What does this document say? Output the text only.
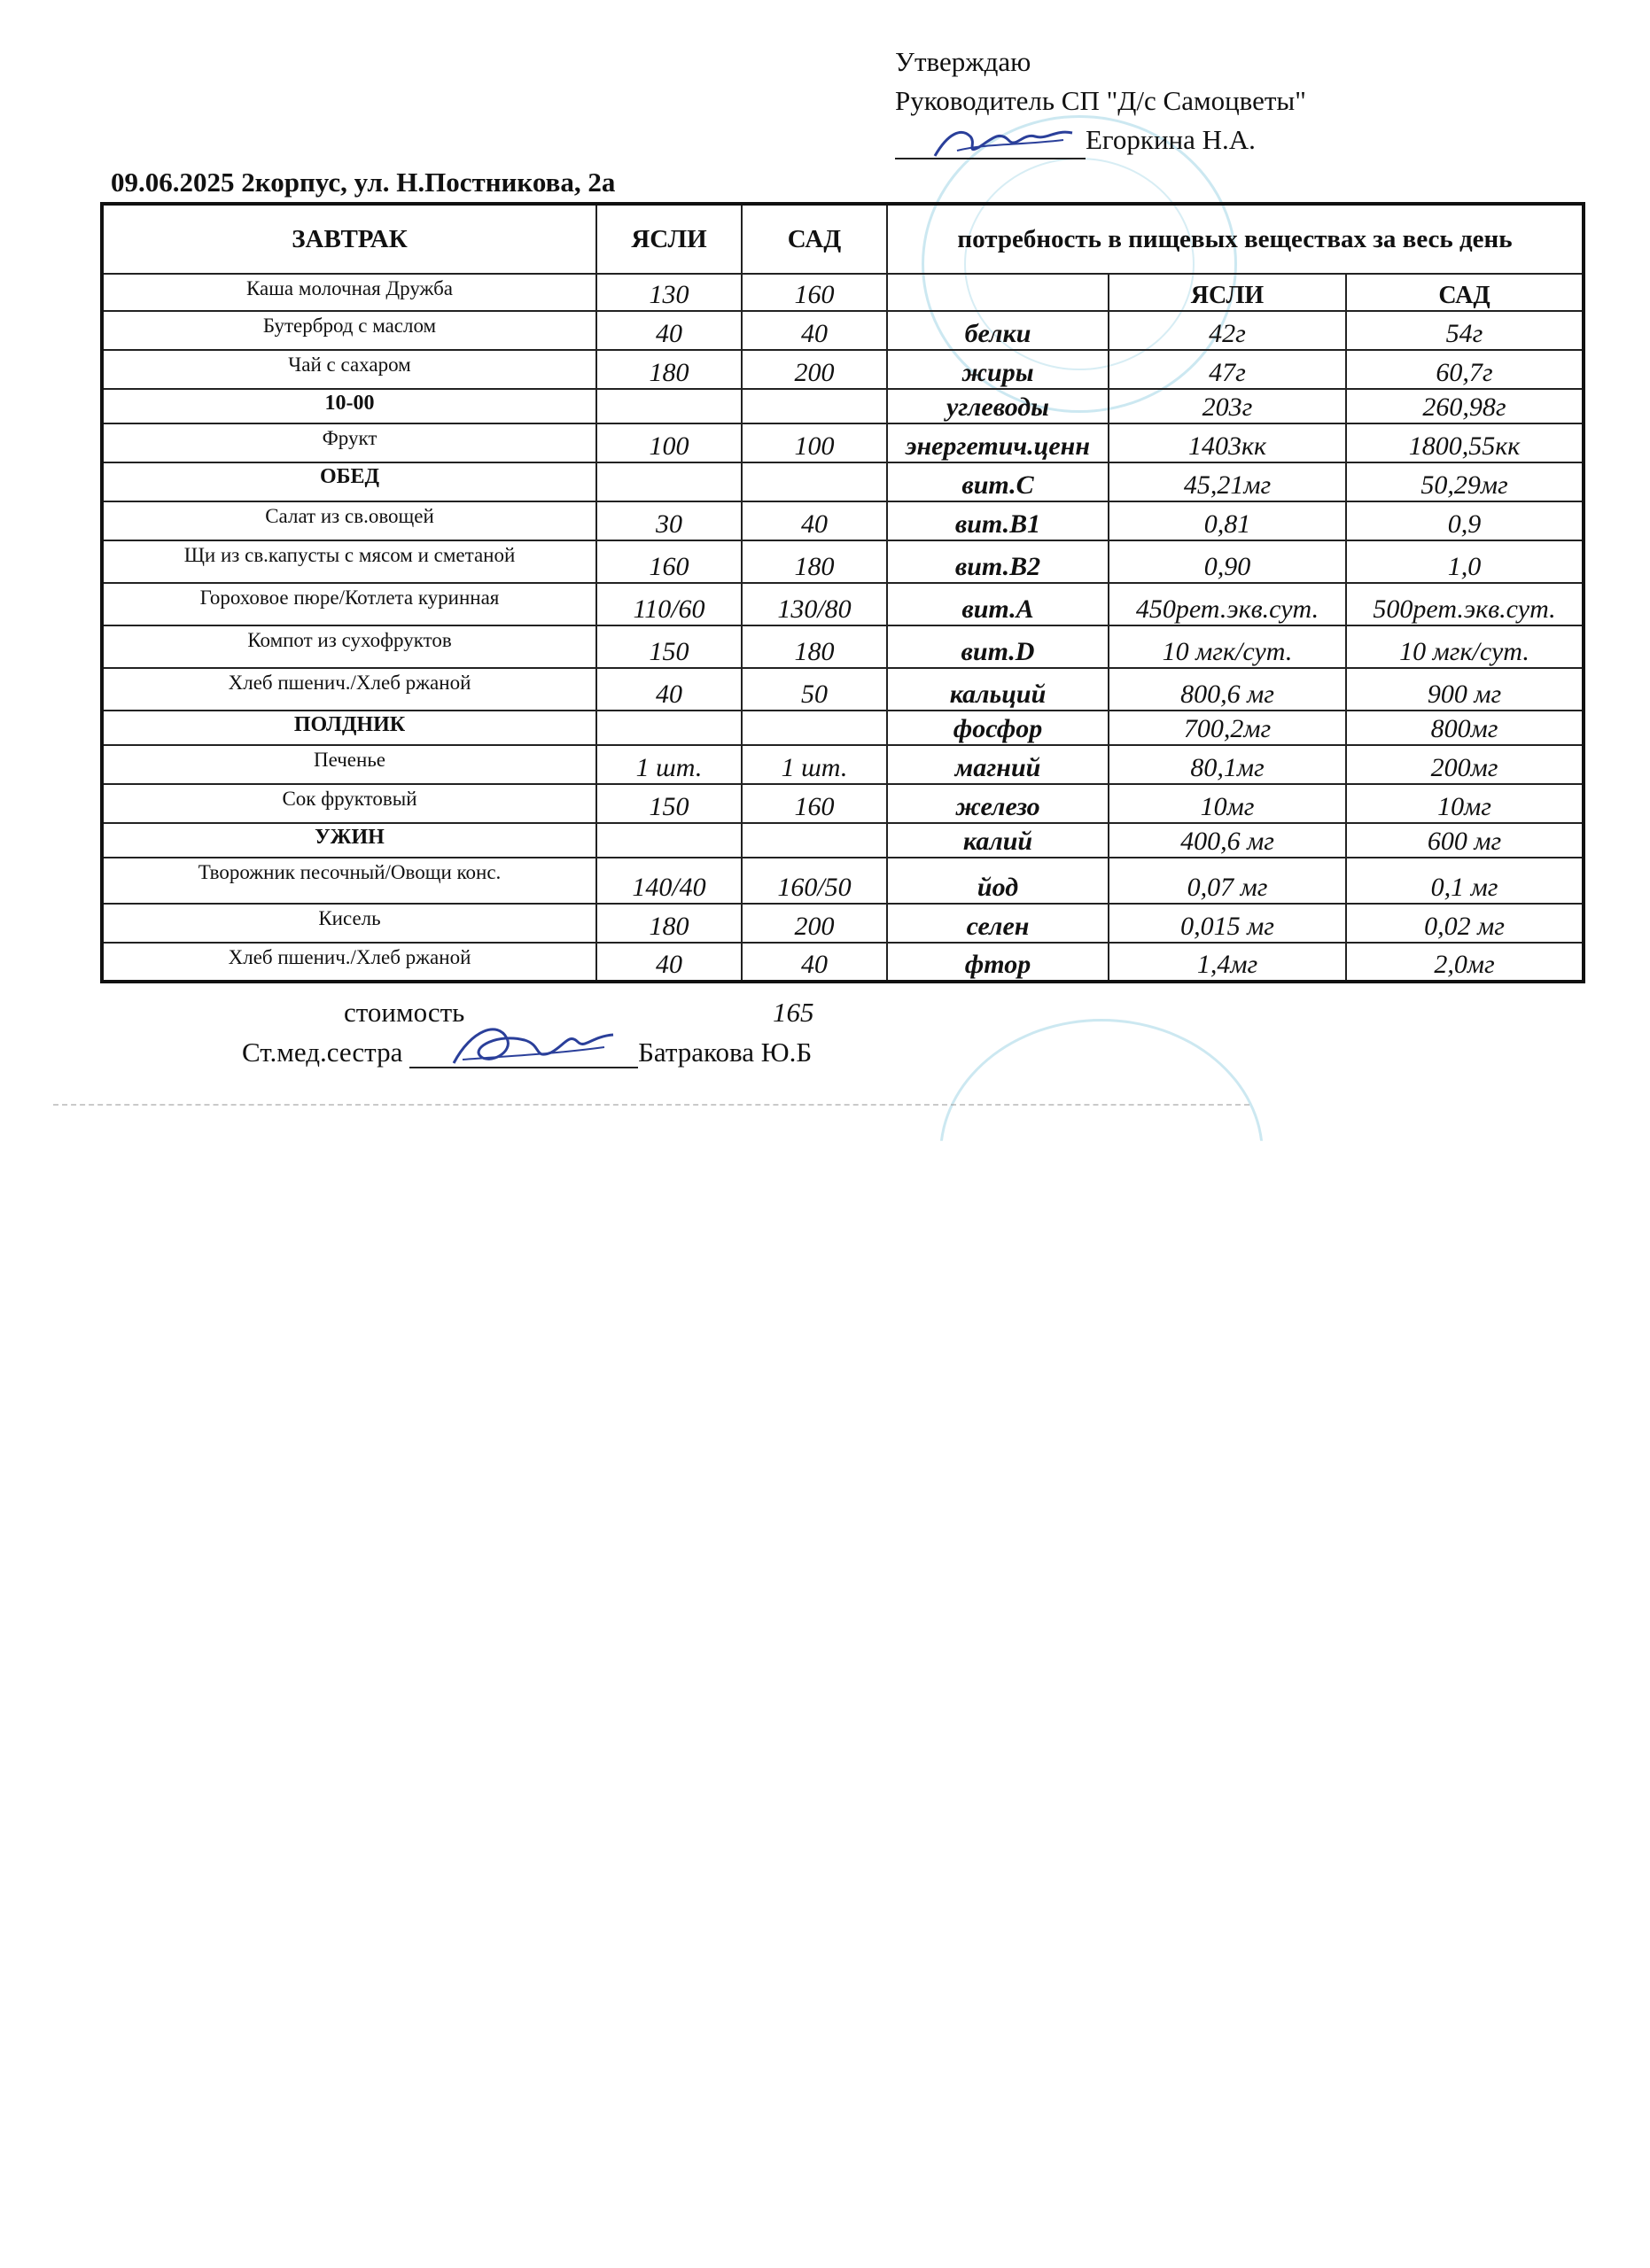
Утверждаю
Руководитель СП "Д/с Самоцветы"
Егоркина Н.А.
09.06.2025 2корпус, ул. Н.Постникова, 2а
ЗАВТРАК	ЯСЛИ	САД	потребность в пищевых веществах за весь день		
Каша молочная Дружба	130	160		ЯСЛИ	САД
Бутерброд с маслом	40	40	белки	42г	54г
Чай с сахаром	180	200	жиры	47г	60,7г
10-00			углеводы	203г	260,98г
Фрукт	100	100	энергетич.ценн	1403кк	1800,55кк
ОБЕД			вит.С	45,21мг	50,29мг
Салат из св.овощей	30	40	вит.В1	0,81	0,9
Щи из св.капусты с мясом и сметаной	160	180	вит.В2	0,90	1,0
Гороховое пюре/Котлета куринная	110/60	130/80	вит.А	450рет.экв.сут.	500рет.экв.сут.
Компот из сухофруктов	150	180	вит.D	10 мгк/сут.	10 мгк/сут.
Хлеб пшенич./Хлеб ржаной	40	50	кальций	800,6 мг	900 мг
ПОЛДНИК			фосфор	700,2мг	800мг
Печенье	1 шт.	1 шт.	магний	80,1мг	200мг
Сок фруктовый	150	160	железо	10мг	10мг
УЖИН			калий	400,6 мг	600 мг
Творожник песочный/Овощи конс.	140/40	160/50	йод	0,07 мг	0,1 мг
Кисель	180	200	селен	0,015 мг	0,02 мг
Хлеб пшенич./Хлеб ржаной	40	40	фтор	1,4мг	2,0мг
стоимость	165
Ст.мед.сестра	Батракова Ю.Б
